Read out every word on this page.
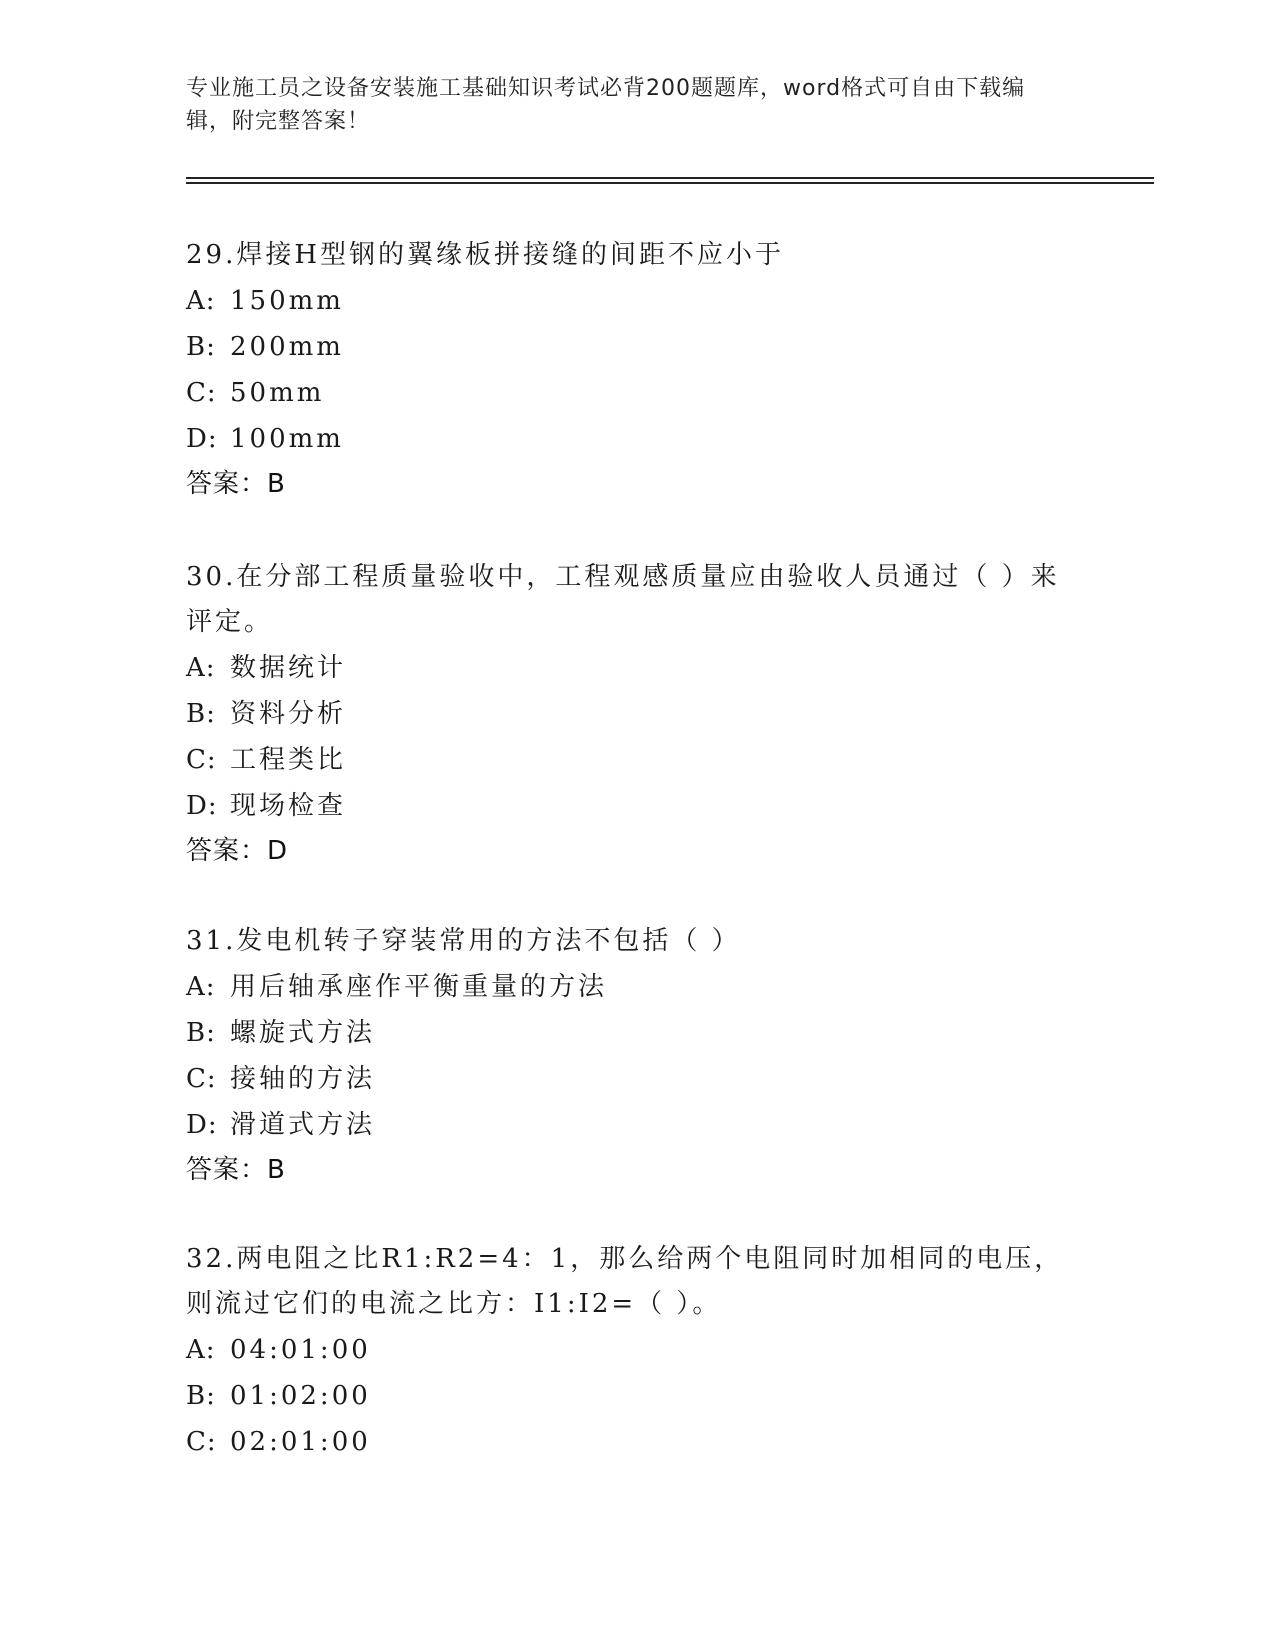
专业施工员之设备安装施工基础知识考试必背200题题库，word格式可自由下载编辑，附完整答案！
29.焊接H型钢的翼缘板拼接缝的间距不应小于
A: 150mm
B: 200mm
C: 50mm
D: 100mm
答案：B
30.在分部工程质量验收中，工程观感质量应由验收人员通过（ ）来评定。
A: 数据统计
B: 资料分析
C: 工程类比
D: 现场检查
答案：D
31.发电机转子穿装常用的方法不包括（ ）
A: 用后轴承座作平衡重量的方法
B: 螺旋式方法
C: 接轴的方法
D: 滑道式方法
答案：B
32.两电阻之比R1:R2=4：1，那么给两个电阻同时加相同的电压，则流过它们的电流之比方：I1:I2=（ ）。
A: 04:01:00
B: 01:02:00
C: 02:01:00
